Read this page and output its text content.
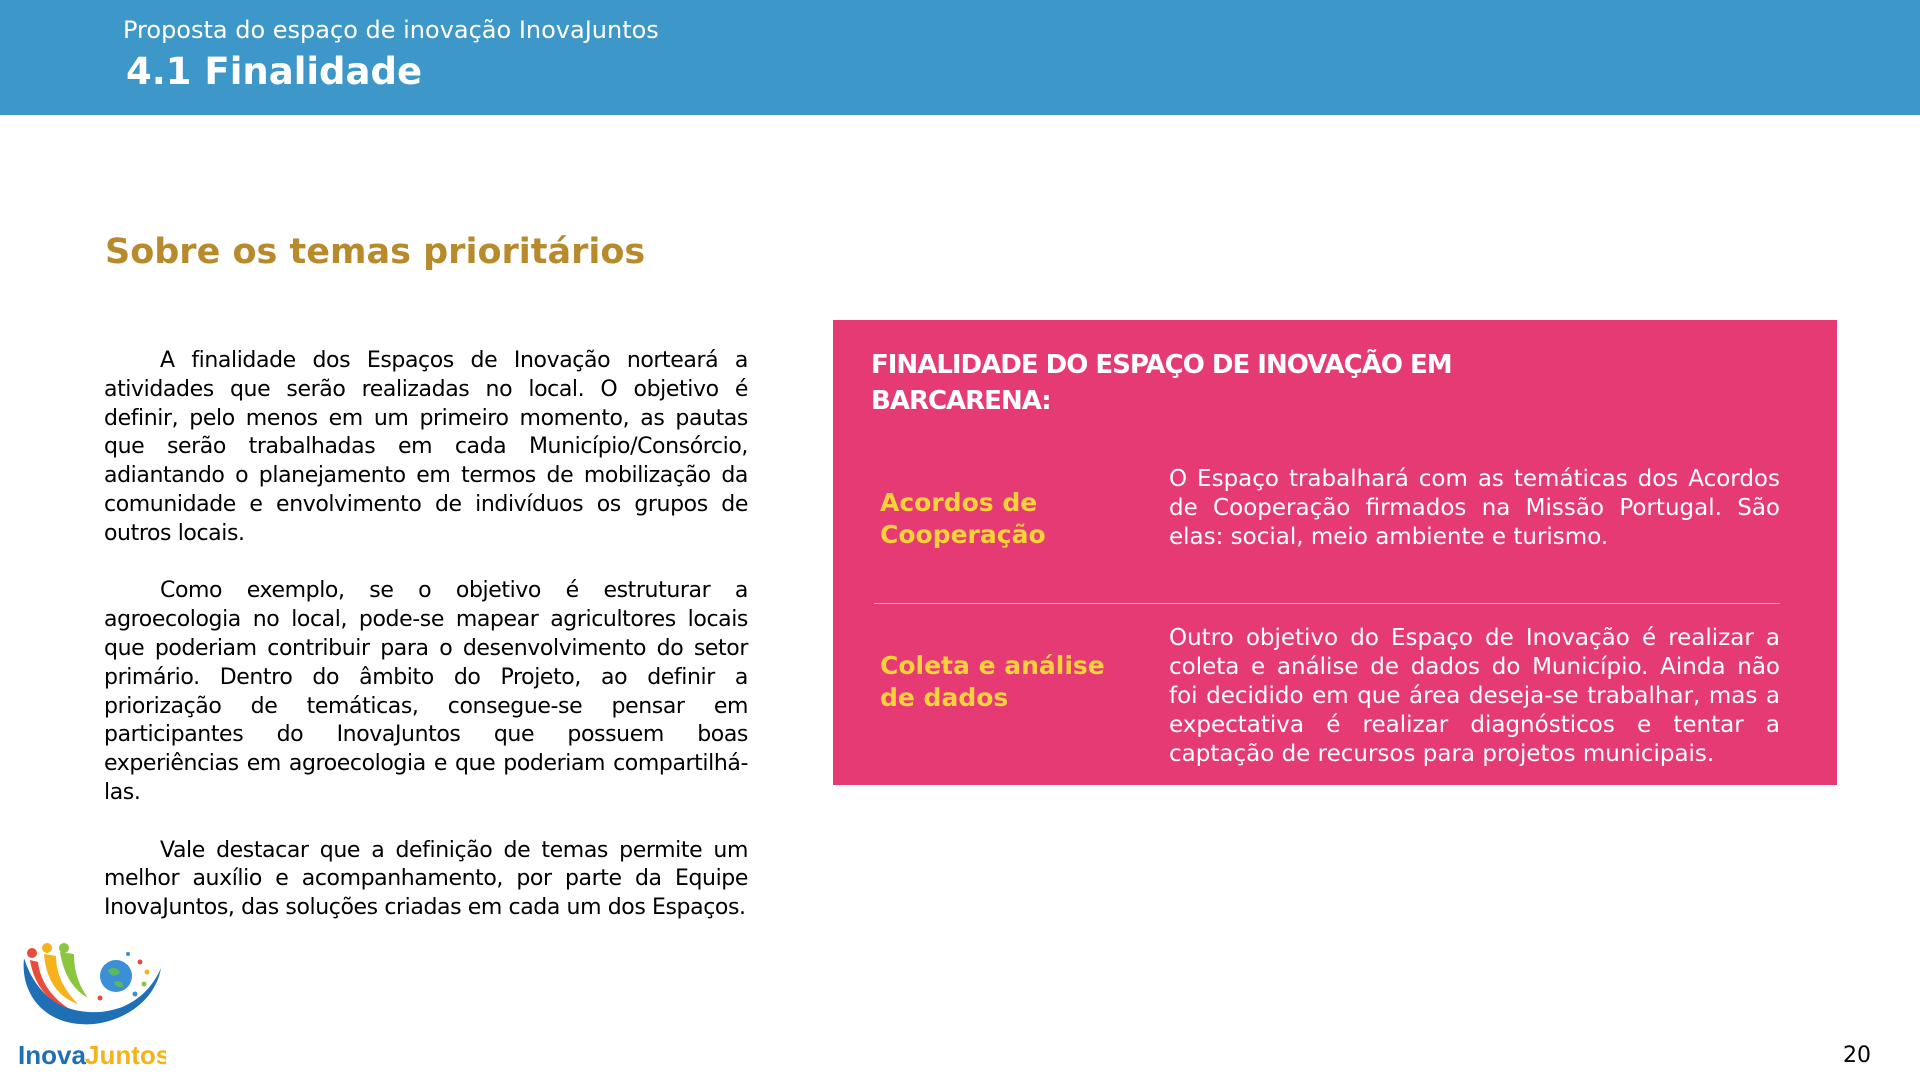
Proposta do espaço de inovação InovaJuntos
4.1 Finalidade
Sobre os temas prioritários

A finalidade dos Espaços de Inovação norteará a atividades que serão realizadas no local. O objetivo é definir, pelo menos em um primeiro momento, as pautas que serão trabalhadas em cada Município/Consórcio, adiantando o planejamento em termos de mobilização da comunidade e envolvimento de indivíduos os grupos de outros locais.

Como exemplo, se o objetivo é estruturar a agroecologia no local, pode-se mapear agricultores locais que poderiam contribuir para o desenvolvimento do setor primário. Dentro do âmbito do Projeto, ao definir a priorização de temáticas, consegue-se pensar em participantes do InovaJuntos que possuem boas experiências em agroecologia e que poderiam compartilhá-las.

Vale destacar que a definição de temas permite um melhor auxílio e acompanhamento, por parte da Equipe InovaJuntos, das soluções criadas em cada um dos Espaços.

FINALIDADE DO ESPAÇO DE INOVAÇÃO EM BARCARENA:
Acordos de Cooperação
O Espaço trabalhará com as temáticas dos Acordos de Cooperação firmados na Missão Portugal. São elas: social, meio ambiente e turismo.
Coleta e análise de dados
Outro objetivo do Espaço de Inovação é realizar a coleta e análise de dados do Município. Ainda não foi decidido em que área deseja-se trabalhar, mas a expectativa é realizar diagnósticos e tentar a captação de recursos para projetos municipais.
Inova Juntos	20
